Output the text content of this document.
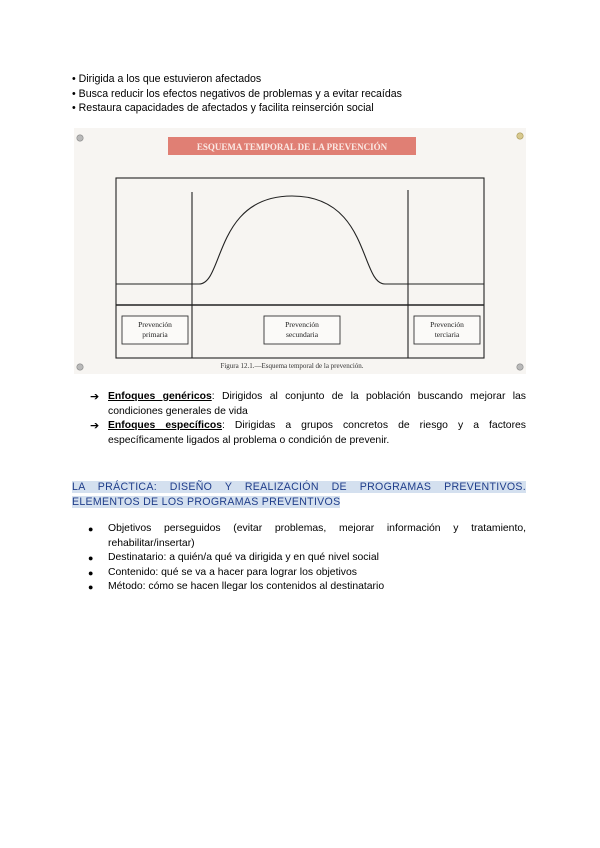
• Dirigida a los que estuvieron afectados
• Busca reducir los efectos negativos de problemas y a evitar recaídas
• Restaura capacidades de afectados y facilita reinserción social
ESQUEMA TEMPORAL DE LA PREVENCIÓN
Prevención
primaria
Prevención
secundaria
Prevención
terciaria
Figura 12.1.—Esquema temporal de la prevención.
➔ Enfoques genéricos: Dirigidos al conjunto de la población buscando mejorar las condiciones generales de vida
➔ Enfoques específicos: Dirigidas a grupos concretos de riesgo y a factores específicamente ligados al problema o condición de prevenir.
LA PRÁCTICA: DISEÑO Y REALIZACIÓN DE PROGRAMAS PREVENTIVOS. ELEMENTOS DE LOS PROGRAMAS PREVENTIVOS
●	Objetivos perseguidos (evitar problemas, mejorar información y tratamiento, rehabilitar/insertar)
●	Destinatario: a quién/a qué va dirigida y en qué nivel social
●	Contenido: qué se va a hacer para lograr los objetivos
●	Método: cómo se hacen llegar los contenidos al destinatario
